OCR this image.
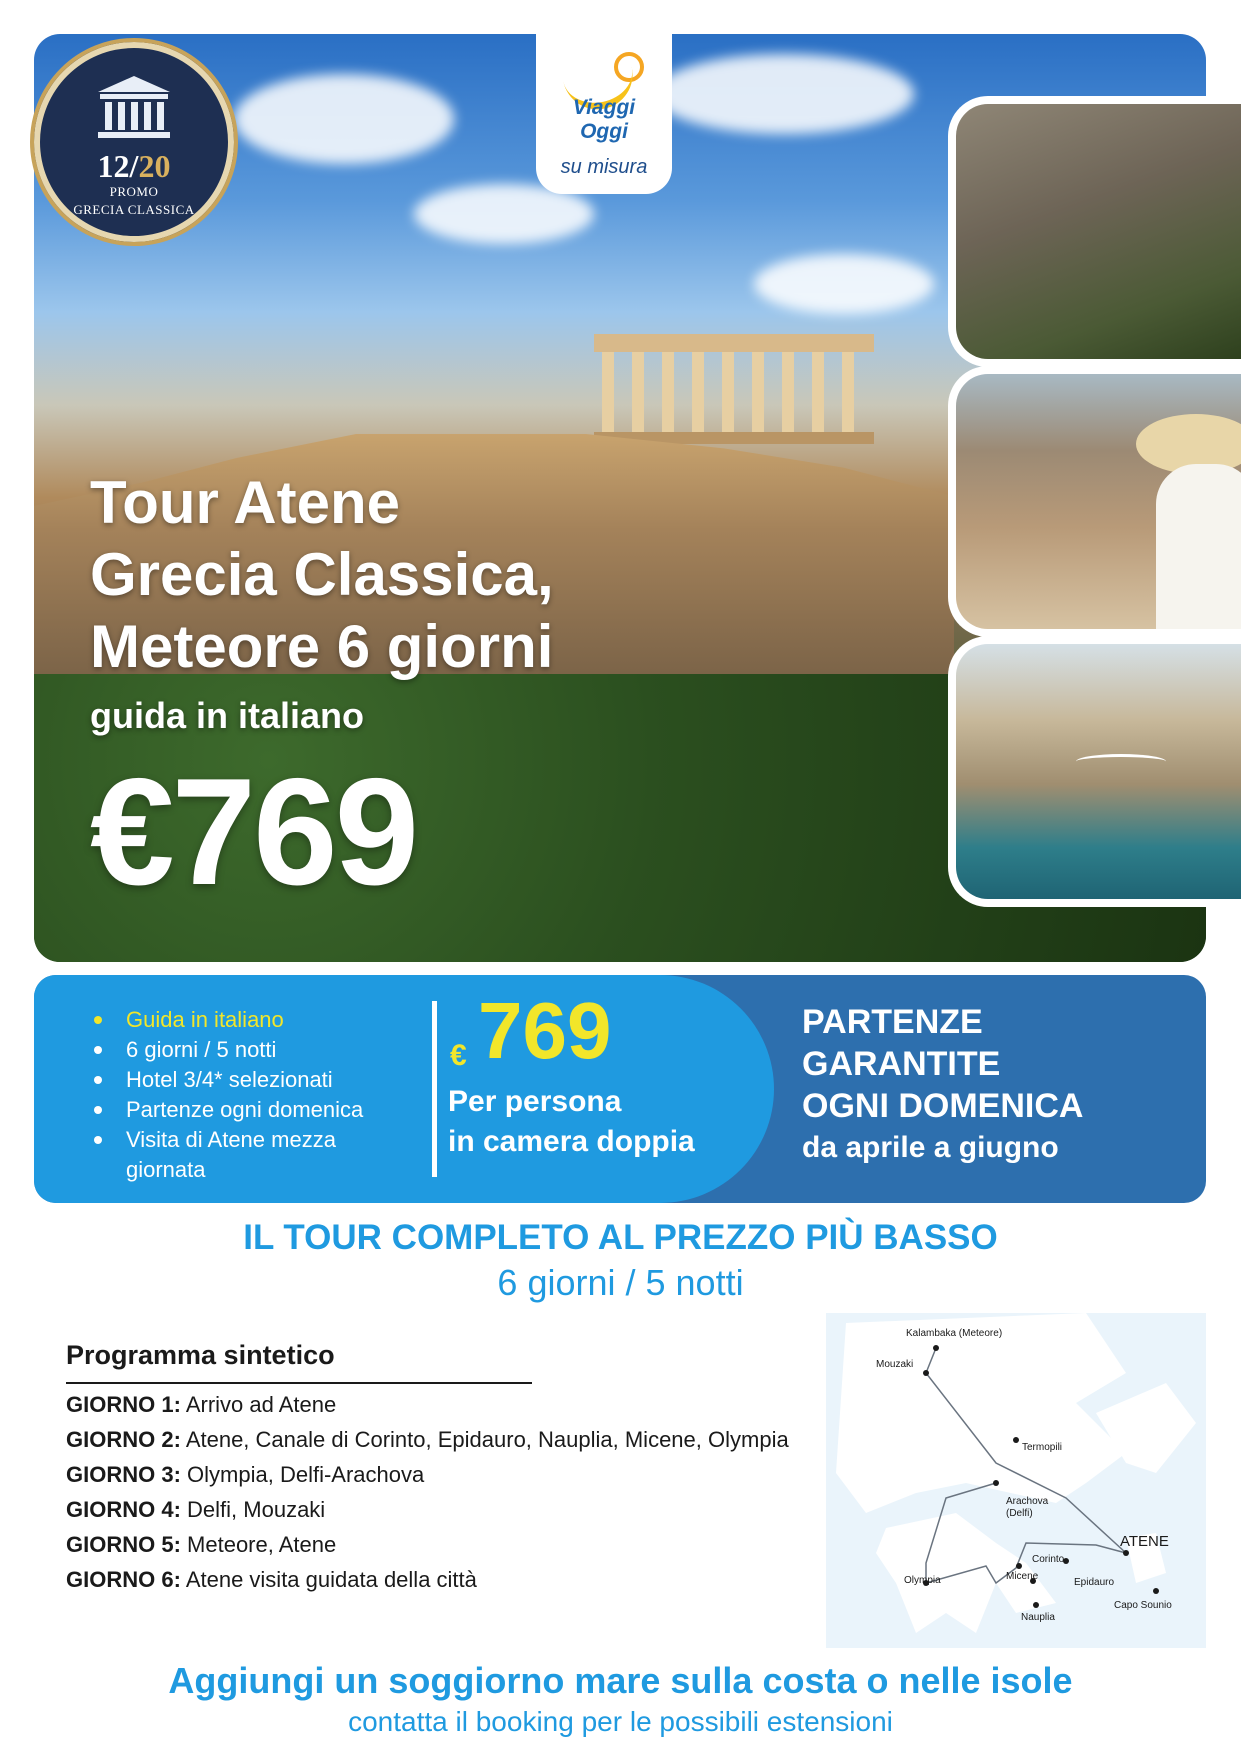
12/20
PROMO
GRECIA CLASSICA
Viaggi
Oggi
su misura
Tour Atene
Grecia Classica,
Meteore 6 giorni
guida in italiano
€769
Guida in italiano
6 giorni / 5 notti
Hotel 3/4* selezionati
Partenze ogni domenica
Visita di Atene mezza
giornata
€ 769
Per persona
in camera doppia
PARTENZE
GARANTITE
OGNI DOMENICA
da aprile a giugno
IL TOUR COMPLETO AL PREZZO PIÙ BASSO
6 giorni / 5 notti
Programma sintetico
GIORNO 1: Arrivo ad Atene
GIORNO 2: Atene, Canale di Corinto, Epidauro, Nauplia, Micene, Olympia
GIORNO 3: Olympia, Delfi-Arachova
GIORNO 4: Delfi, Mouzaki
GIORNO 5: Meteore, Atene
GIORNO 6: Atene visita guidata della città
Kalambaka (Meteore)
Mouzaki
Termopili
Arachova
(Delfi)
ATENE
Corinto
Micene
Epidauro
Olympia
Nauplia
Capo Sounio
Aggiungi un soggiorno mare sulla costa o nelle isole
contatta il booking per le possibili estensioni
